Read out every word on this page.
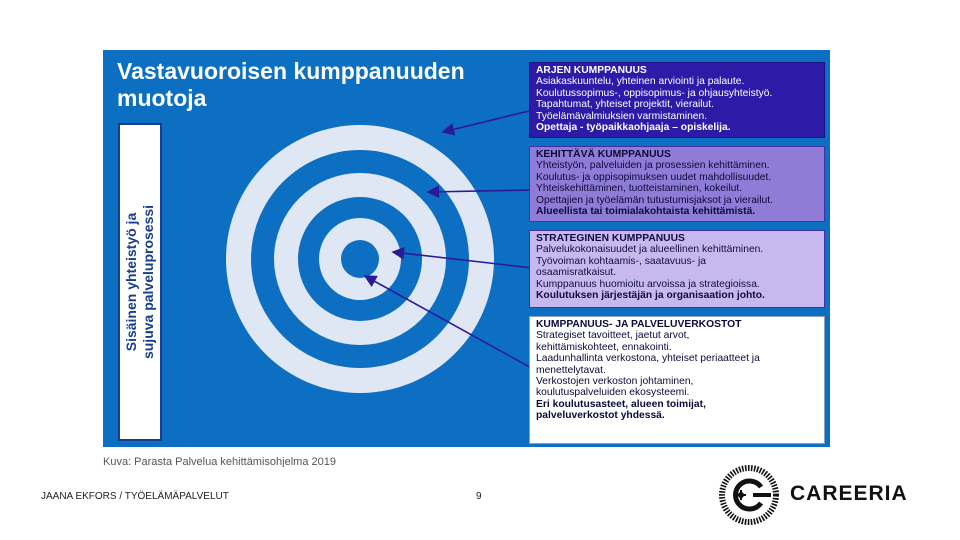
Vastavuoroisen kumppanuuden muotoja
Sisäinen yhteistyö ja sujuva palveluprosessi
ARJEN KUMPPANUUS
Asiakaskuuntelu, yhteinen arviointi ja palaute.
Koulutussopimus-, oppisopimus- ja ohjausyhteistyö.
Tapahtumat, yhteiset projektit, vierailut.
Työelämävalmiuksien varmistaminen.
Opettaja - työpaikkaohjaaja – opiskelija.
KEHITTÄVÄ KUMPPANUUS
Yhteistyön, palveluiden ja prosessien kehittäminen.
Koulutus- ja oppisopimuksen uudet mahdollisuudet.
Yhteiskehittäminen, tuotteistaminen, kokeilut.
Opettajien ja työelämän tutustumisjaksot ja vierailut.
Alueellista tai toimialakohtaista kehittämistä.
STRATEGINEN KUMPPANUUS
Palvelukokonaisuudet ja alueellinen kehittäminen.
Työvoiman kohtaamis-, saatavuus- ja
osaamisratkaisut.
Kumppanuus huomioitu arvoissa ja strategioissa.
Koulutuksen järjestäjän ja organisaation johto.
KUMPPANUUS- JA PALVELUVERKOSTOT
Strategiset tavoitteet, jaetut arvot,
kehittämiskohteet, ennakointi.
Laadunhallinta verkostona, yhteiset periaatteet ja
menettelytavat.
Verkostojen verkoston johtaminen,
koulutuspalveluiden ekosysteemi.
Eri koulutusasteet, alueen toimijat,
palveluverkostot yhdessä.
Kuva: Parasta Palvelua kehittämisohjelma 2019
JAANA EKFORS / TYÖELÄMÄPALVELUT	9	CAREERIA
